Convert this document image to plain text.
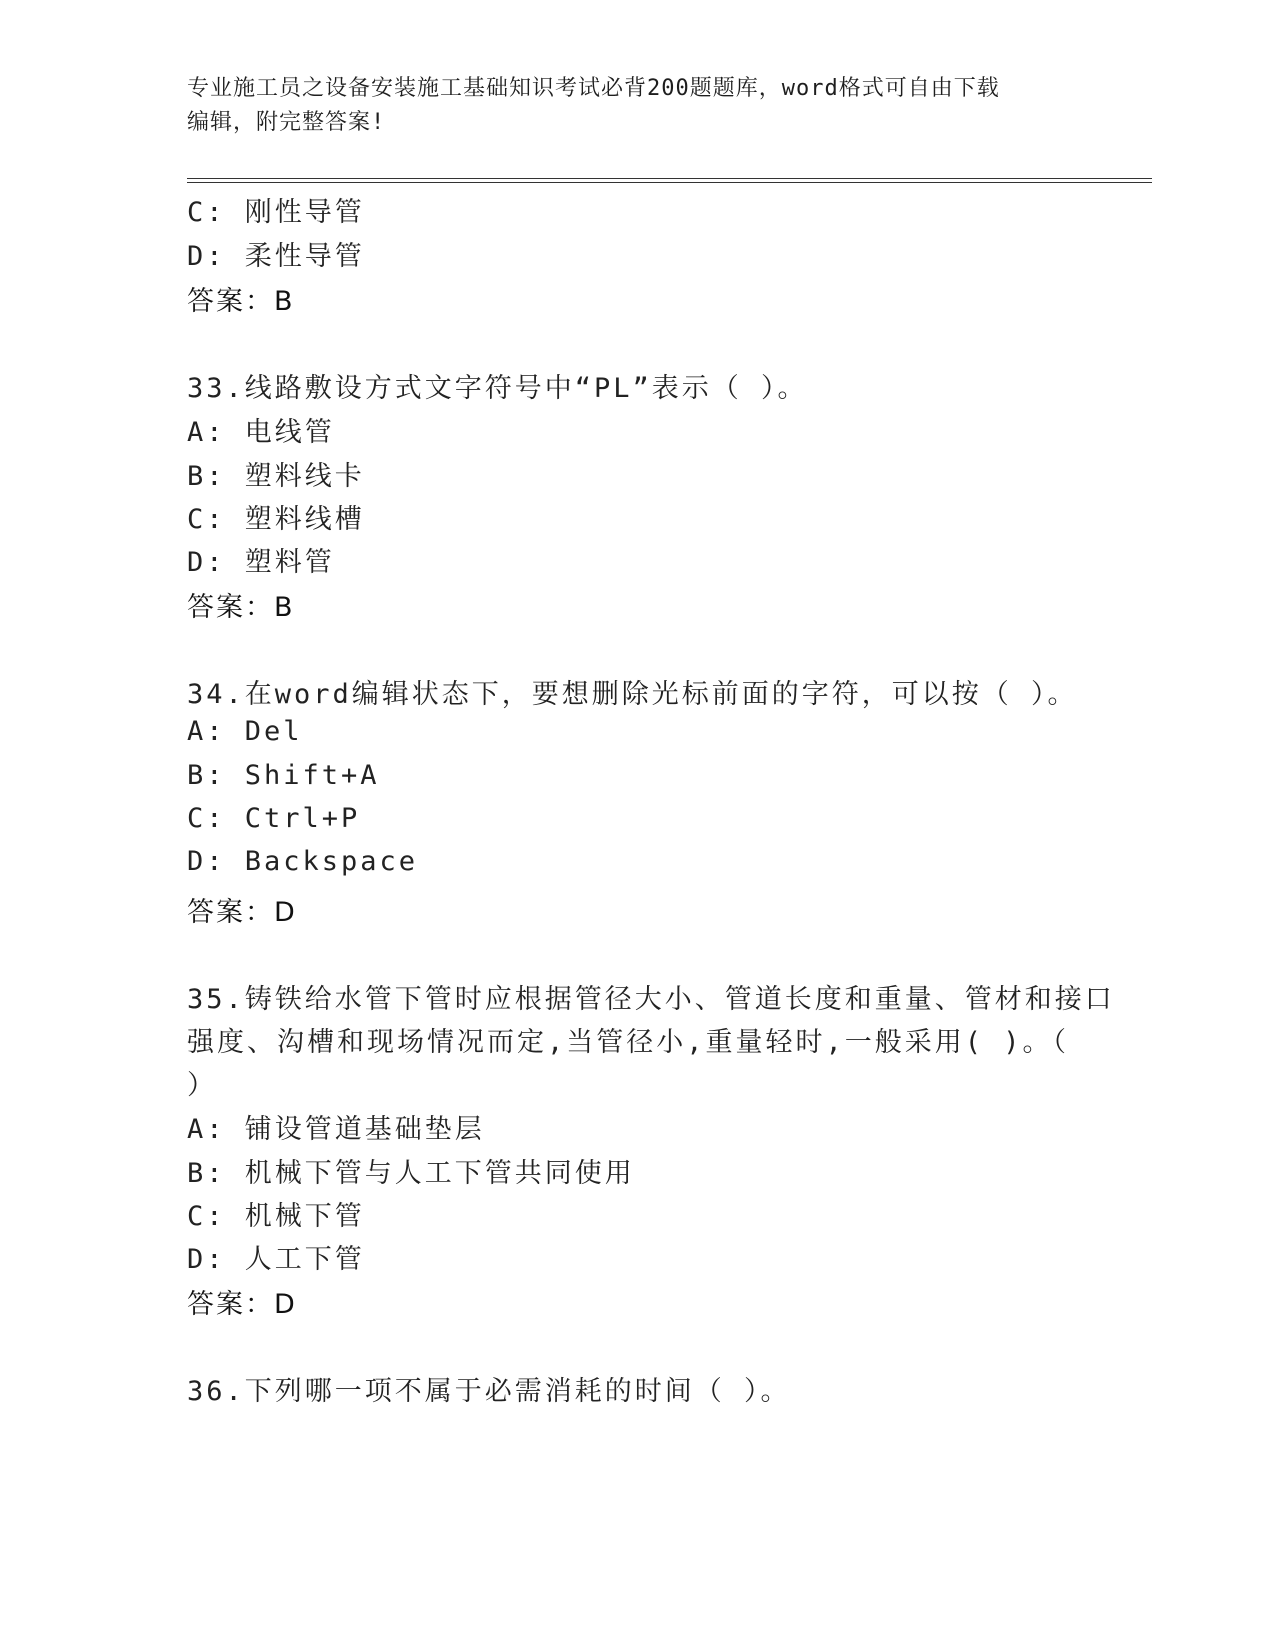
专业施工员之设备安装施工基础知识考试必背200题题库，word格式可自由下载
编辑，附完整答案!
C: 刚性导管
D: 柔性导管
答案：B
33.线路敷设方式文字符号中“PL”表示（ ）。
A: 电线管
B: 塑料线卡
C: 塑料线槽
D: 塑料管
答案：B
34.在word编辑状态下，要想删除光标前面的字符，可以按（ ）。
A: Del
B: Shift+A
C: Ctrl+P
D: Backspace
答案：D
35.铸铁给水管下管时应根据管径大小、管道长度和重量、管材和接口
强度、沟槽和现场情况而定,当管径小,重量轻时,一般采用( )。（
）
A: 铺设管道基础垫层
B: 机械下管与人工下管共同使用
C: 机械下管
D: 人工下管
答案：D
36.下列哪一项不属于必需消耗的时间（ ）。
